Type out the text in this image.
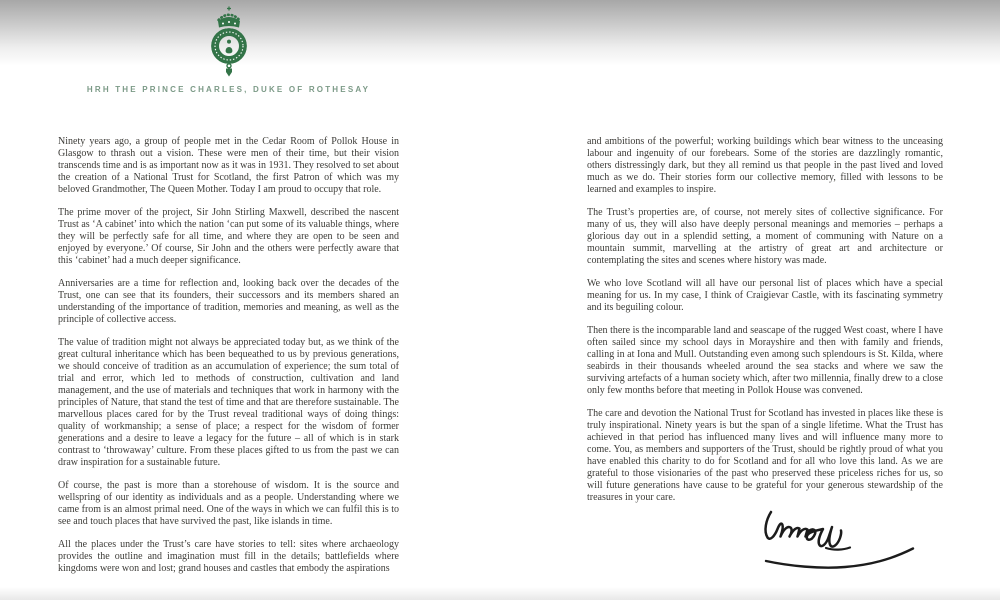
HRH THE PRINCE CHARLES, DUKE OF ROTHESAY

Ninety years ago, a group of people met in the Cedar Room of Pollok House in Glasgow to thrash out a vision. These were men of their time, but their vision transcends time and is as important now as it was in 1931. They resolved to set about the creation of a National Trust for Scotland, the first Patron of which was my beloved Grandmother, The Queen Mother. Today I am proud to occupy that role.

The prime mover of the project, Sir John Stirling Maxwell, described the nascent Trust as ‘A cabinet’ into which the nation ‘can put some of its valuable things, where they will be perfectly safe for all time, and where they are open to be seen and enjoyed by everyone.’ Of course, Sir John and the others were perfectly aware that this ‘cabinet’ had a much deeper significance.

Anniversaries are a time for reflection and, looking back over the decades of the Trust, one can see that its founders, their successors and its members shared an understanding of the importance of tradition, memories and meaning, as well as the principle of collective access.

The value of tradition might not always be appreciated today but, as we think of the great cultural inheritance which has been bequeathed to us by previous generations, we should conceive of tradition as an accumulation of experience; the sum total of trial and error, which led to methods of construction, cultivation and land management, and the use of materials and techniques that work in harmony with the principles of Nature, that stand the test of time and that are therefore sustainable. The marvellous places cared for by the Trust reveal traditional ways of doing things: quality of workmanship; a sense of place; a respect for the wisdom of former generations and a desire to leave a legacy for the future – all of which is in stark contrast to ‘throwaway’ culture. From these places gifted to us from the past we can draw inspiration for a sustainable future.

Of course, the past is more than a storehouse of wisdom. It is the source and wellspring of our identity as individuals and as a people. Understanding where we came from is an almost primal need. One of the ways in which we can fulfil this is to see and touch places that have survived the past, like islands in time.

All the places under the Trust’s care have stories to tell: sites where archaeology provides the outline and imagination must fill in the details; battlefields where kingdoms were won and lost; grand houses and castles that embody the aspirations

and ambitions of the powerful; working buildings which bear witness to the unceasing labour and ingenuity of our forebears. Some of the stories are dazzlingly romantic, others distressingly dark, but they all remind us that people in the past lived and loved much as we do. Their stories form our collective memory, filled with lessons to be learned and examples to inspire.

The Trust’s properties are, of course, not merely sites of collective significance. For many of us, they will also have deeply personal meanings and memories – perhaps a glorious day out in a splendid setting, a moment of communing with Nature on a mountain summit, marvelling at the artistry of great art and architecture or contemplating the sites and scenes where history was made.

We who love Scotland will all have our personal list of places which have a special meaning for us. In my case, I think of Craigievar Castle, with its fascinating symmetry and its beguiling colour.

Then there is the incomparable land and seascape of the rugged West coast, where I have often sailed since my school days in Morayshire and then with family and friends, calling in at Iona and Mull. Outstanding even among such splendours is St. Kilda, where seabirds in their thousands wheeled around the sea stacks and where we saw the surviving artefacts of a human society which, after two millennia, finally drew to a close only few months before that meeting in Pollok House was convened.

The care and devotion the National Trust for Scotland has invested in places like these is truly inspirational. Ninety years is but the span of a single lifetime. What the Trust has achieved in that period has influenced many lives and will influence many more to come. You, as members and supporters of the Trust, should be rightly proud of what you have enabled this charity to do for Scotland and for all who love this land. As we are grateful to those visionaries of the past who preserved these priceless riches for us, so will future generations have cause to be grateful for your generous stewardship of the treasures in your care.
